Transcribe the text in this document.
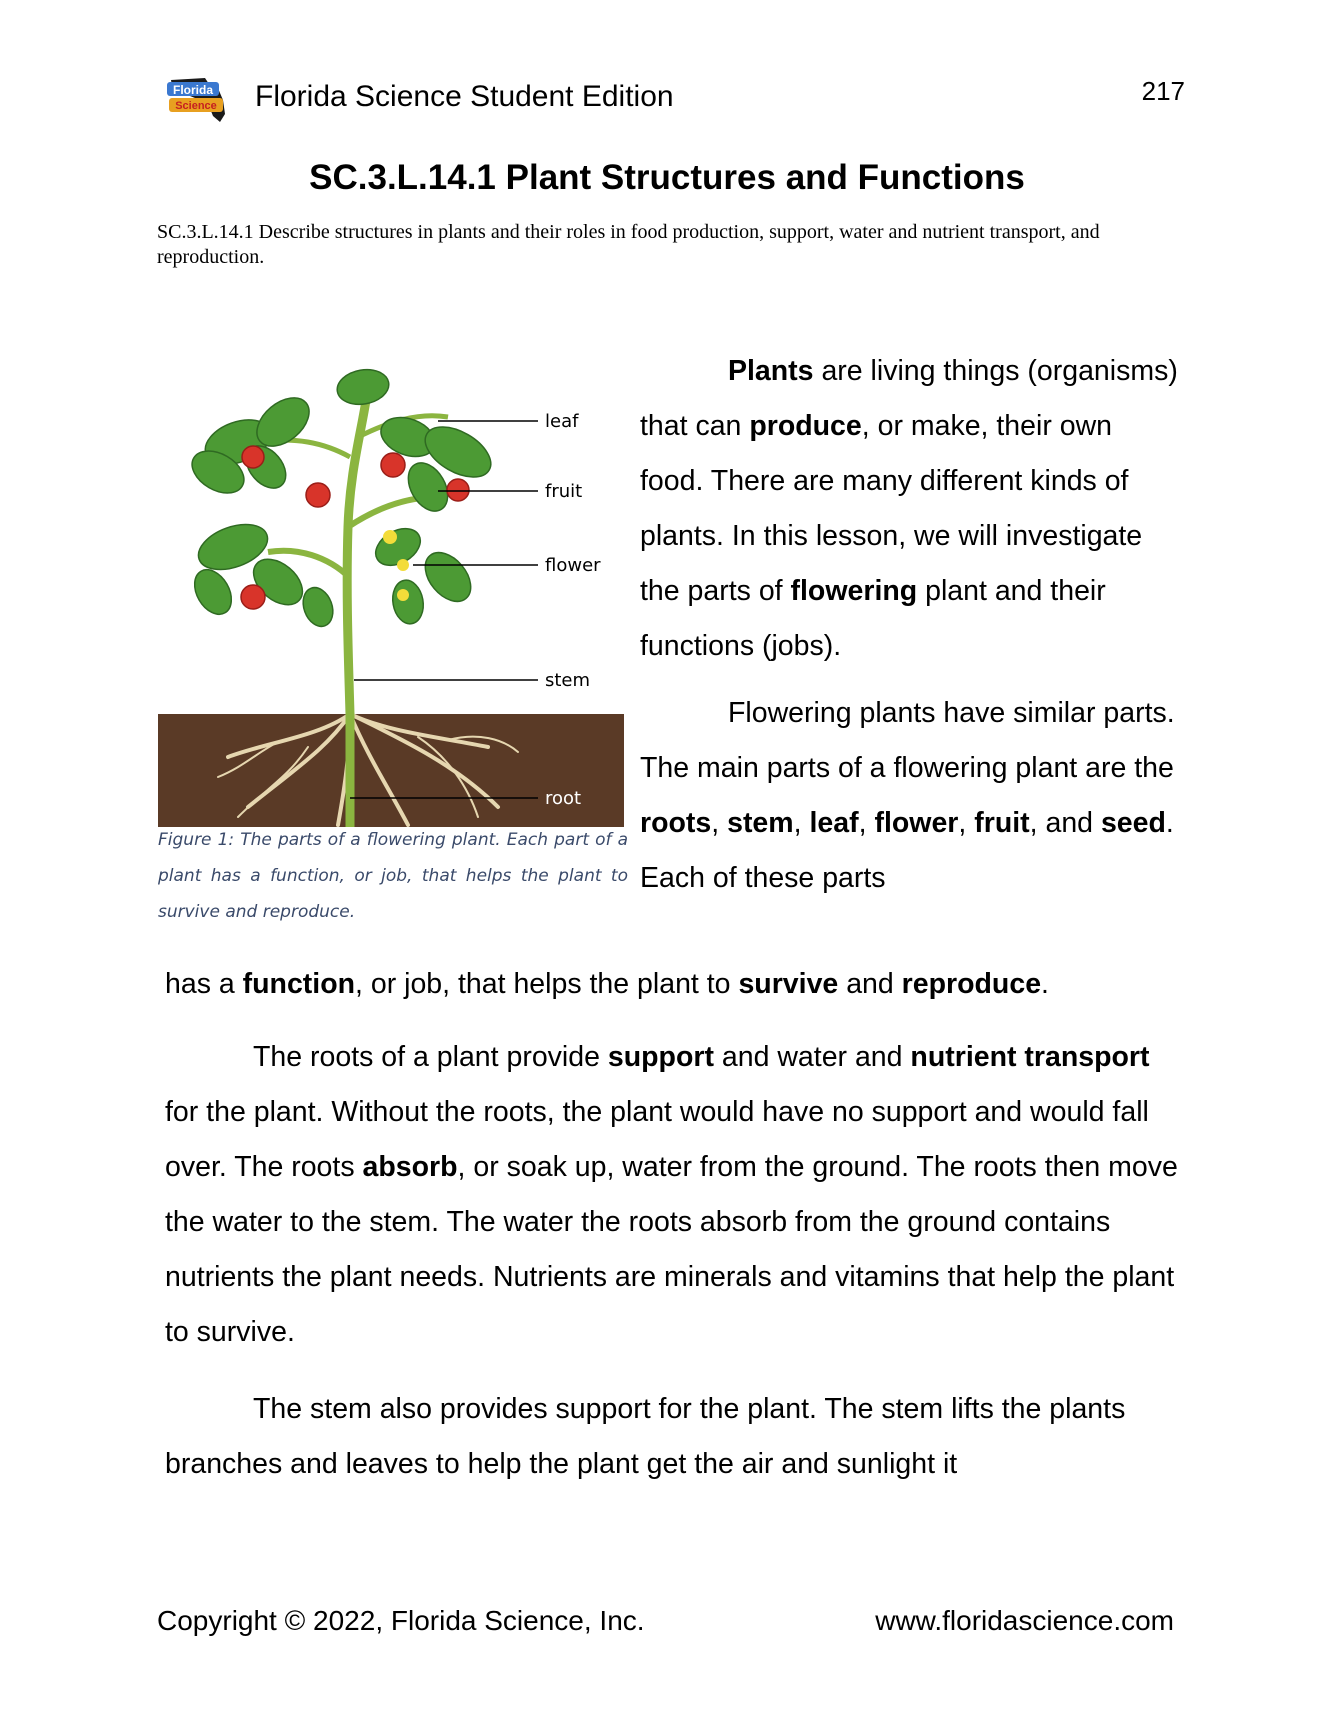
Florida
Science Florida Science Student Edition	217
SC.3.L.14.1 Plant Structures and Functions
SC.3.L.14.1 Describe structures in plants and their roles in food production, support, water and nutrient transport, and reproduction.
leaf
fruit
flower
stem
root
Figure 1: The parts of a flowering plant. Each part of a plant has a function, or job, that helps the plant to survive and reproduce.

Plants are living things (organisms) that can produce, or make, their own food. There are many different kinds of plants. In this lesson, we will investigate the parts of flowering plant and their functions (jobs).

Flowering plants have similar parts. The main parts of a flowering plant are the roots, stem, leaf, flower, fruit, and seed. Each of these parts

has a function, or job, that helps the plant to survive and reproduce.

The roots of a plant provide support and water and nutrient transport for the plant. Without the roots, the plant would have no support and would fall over. The roots absorb, or soak up, water from the ground. The roots then move the water to the stem. The water the roots absorb from the ground contains nutrients the plant needs. Nutrients are minerals and vitamins that help the plant to survive.

The stem also provides support for the plant. The stem lifts the plants branches and leaves to help the plant get the air and sunlight it

Copyright © 2022, Florida Science, Inc.	www.floridascience.com
